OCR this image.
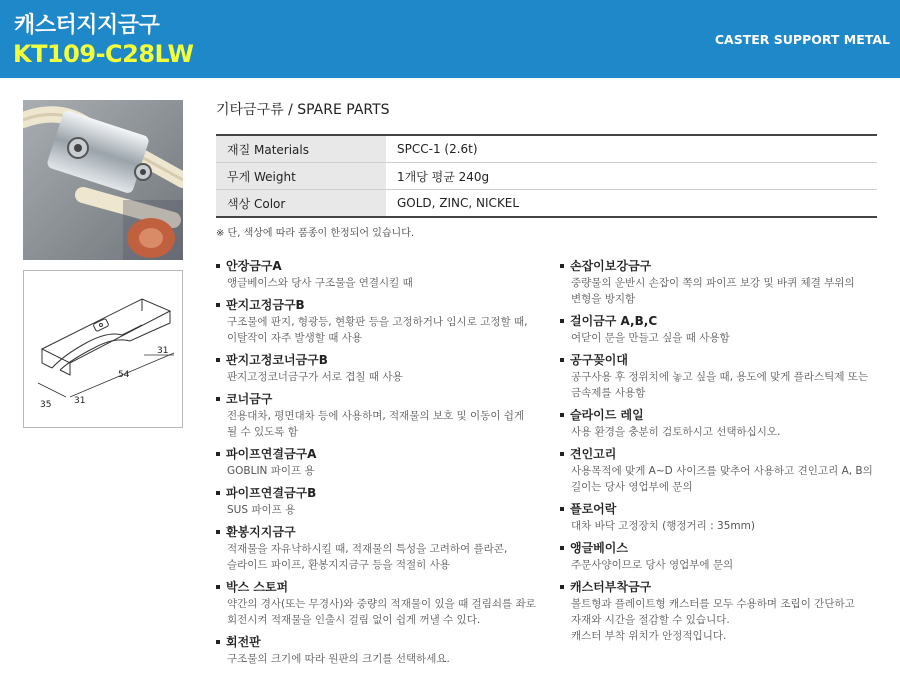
캐스터지지금구
KT109-C28LW
CASTER SUPPORT METAL
31
54
35	31
기타금구류 / SPARE PARTS
재질 Materials	SPCC-1 (2.6t)
무게 Weight	1개당 평균 240g
색상 Color	GOLD, ZINC, NICKEL
※ 단, 색상에 따라 품종이 한정되어 있습니다.
안장금구A
앵글베이스와 당사 구조물을 연결시킬 때
판지고정금구B
구조물에 판지, 형광등, 현황판 등을 고정하거나 임시로 고정할 때,
이탈작이 자주 발생할 때 사용
판지고정코너금구B
판지고정코너금구가 서로 겹칠 때 사용
코너금구
전용대차, 평면대차 등에 사용하며, 적재물의 보호 및 이동이 쉽게
될 수 있도록 함
파이프연결금구A
GOBLIN 파이프 용
파이프연결금구B
SUS 파이프 용
환봉지지금구
적재물을 자유낙하시킬 때, 적재물의 특성을 고려하여 플라콘,
슬라이드 파이프, 환봉지지금구 등을 적절히 사용
박스 스토퍼
약간의 경사(또는 무경사)와 중량의 적재물이 있을 때 걸림쇠를 좌로
회전시켜 적재물을 인출시 걸림 없이 쉽게 꺼낼 수 있다.
회전판
구조물의 크기에 따라 원판의 크기를 선택하세요.
손잡이보강금구
중량물의 운반시 손잡이 쪽의 파이프 보강 및 바퀴 체결 부위의
변형을 방지함
걸이금구 A,B,C
여닫이 문을 만들고 싶을 때 사용함
공구꽂이대
공구사용 후 정위치에 놓고 싶을 때, 용도에 맞게 플라스틱제 또는
금속제를 사용함
슬라이드 레일
사용 환경을 충분히 검토하시고 선택하십시오.
견인고리
사용목적에 맞게 A~D 사이즈를 맞추어 사용하고 견인고리 A, B의
길이는 당사 영업부에 문의
플로어락
대차 바닥 고정장치 (행정거리 : 35mm)
앵글베이스
주문사양이므로 당사 영업부에 문의
캐스터부착금구
볼트형과 플레이트형 캐스터를 모두 수용하며 조립이 간단하고
자재와 시간을 절감할 수 있습니다.
캐스터 부착 위치가 안정적입니다.
